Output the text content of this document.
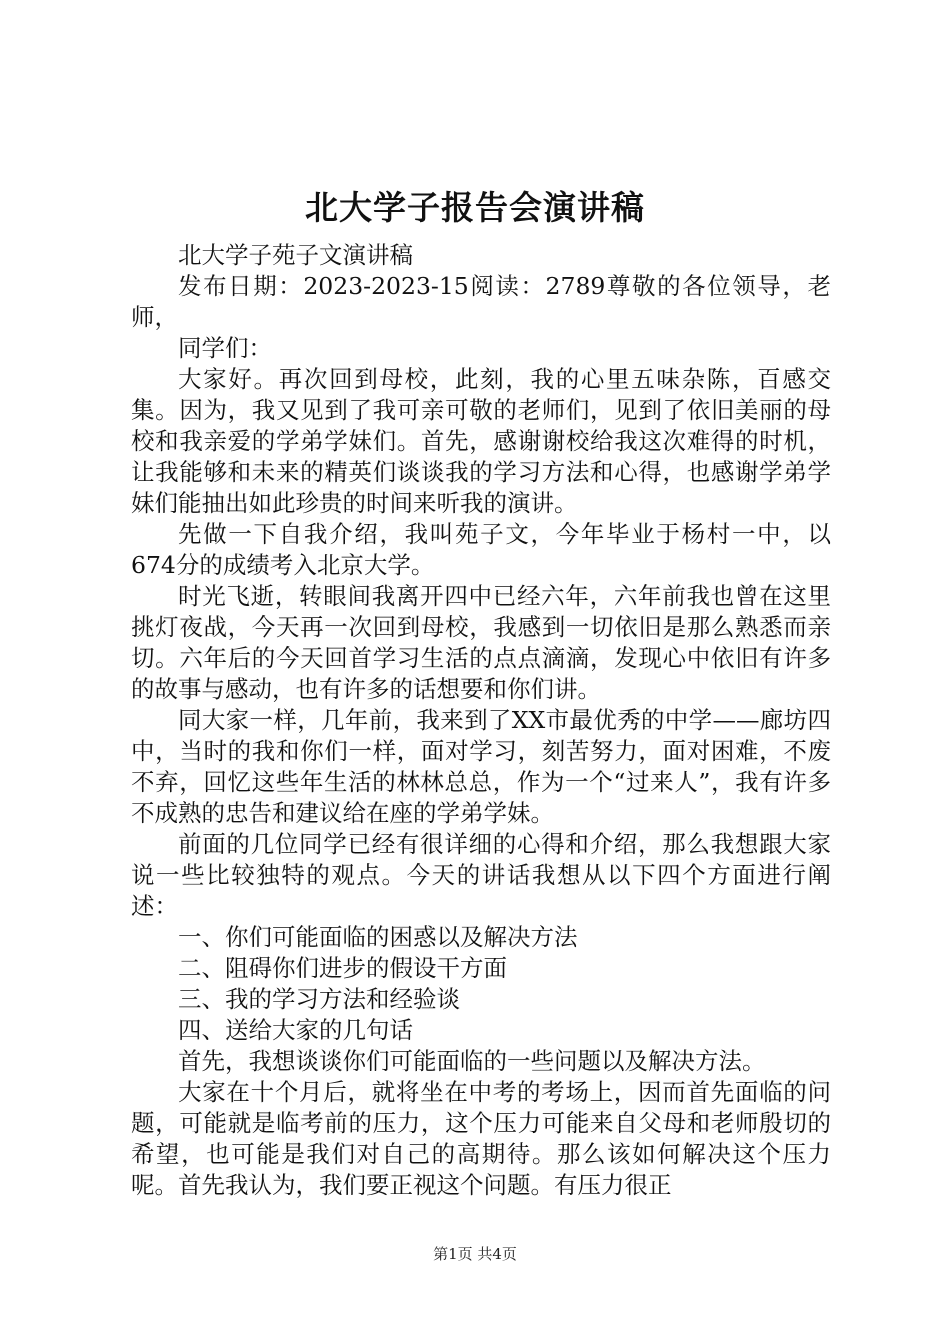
北大学子报告会演讲稿

北大学子苑子文演讲稿

发布日期：2023-2023-15阅读：2789尊敬的各位领导，老师，

同学们：

大家好。再次回到母校，此刻，我的心里五味杂陈，百感交集。因为，我又见到了我可亲可敬的老师们，见到了依旧美丽的母校和我亲爱的学弟学妹们。首先，感谢谢校给我这次难得的时机，让我能够和未来的精英们谈谈我的学习方法和心得，也感谢学弟学妹们能抽出如此珍贵的时间来听我的演讲。

先做一下自我介绍，我叫苑子文，今年毕业于杨村一中，以674分的成绩考入北京大学。

时光飞逝，转眼间我离开四中已经六年，六年前我也曾在这里挑灯夜战，今天再一次回到母校，我感到一切依旧是那么熟悉而亲切。六年后的今天回首学习生活的点点滴滴，发现心中依旧有许多的故事与感动，也有许多的话想要和你们讲。

同大家一样，几年前，我来到了XX市最优秀的中学——廊坊四中，当时的我和你们一样，面对学习，刻苦努力，面对困难，不废不弃，回忆这些年生活的林林总总，作为一个“过来人”，我有许多不成熟的忠告和建议给在座的学弟学妹。

前面的几位同学已经有很详细的心得和介绍，那么我想跟大家说一些比较独特的观点。今天的讲话我想从以下四个方面进行阐述：

一、你们可能面临的困惑以及解决方法

二、阻碍你们进步的假设干方面

三、我的学习方法和经验谈

四、送给大家的几句话

首先，我想谈谈你们可能面临的一些问题以及解决方法。

大家在十个月后，就将坐在中考的考场上，因而首先面临的问题，可能就是临考前的压力，这个压力可能来自父母和老师殷切的希望，也可能是我们对自己的高期待。那么该如何解决这个压力呢。首先我认为，我们要正视这个问题。有压力很正

第1页 共4页
